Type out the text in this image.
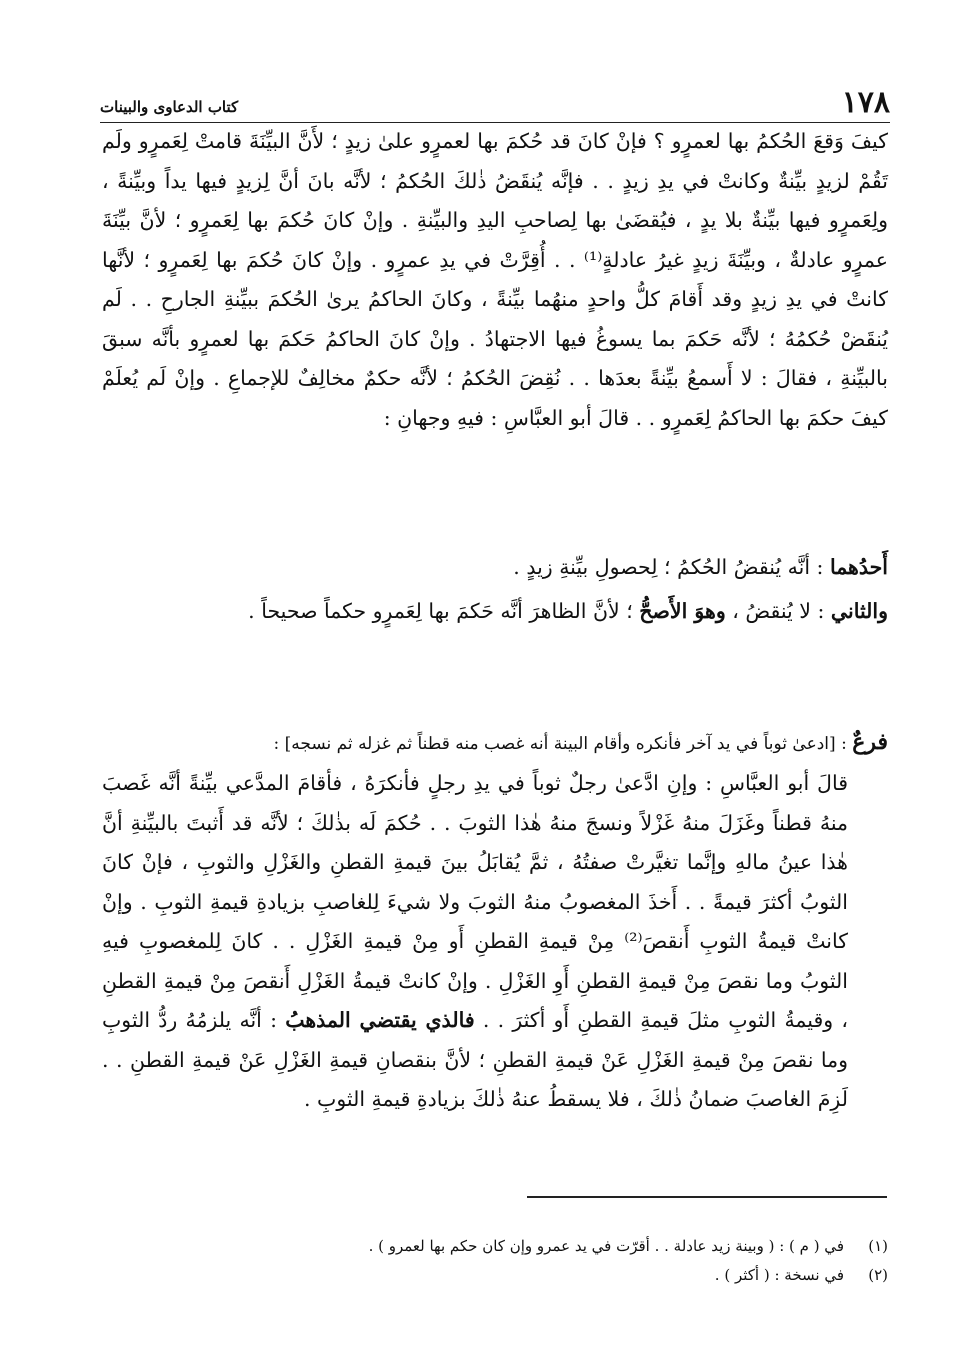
١٧٨
كتاب الدعاوى والبينات

كيفَ وَقعَ الحُكمُ بها لعمرٍو ؟ فإنْ كانَ قد حُكمَ بها لعمرٍو علىٰ زيدٍ ؛ لأَنَّ البيِّنَةَ قامتْ لِعَمرٍو ولَم تَقُمْ لزيدٍ بيِّنةٌ وكانتْ في يدِ زيدٍ . . فإنَّه يُنقَضُ ذٰلكَ الحُكمُ ؛ لأنَّه بانَ أنَّ لِزيدٍ فيها يداً وبيِّنةً ، ولِعَمرٍو فيها بيِّنةٌ بلا يدٍ ، فيُقضَىٰ بها لِصاحبِ اليدِ والبيِّنةِ . وإنْ كانَ حُكمَ بها لِعَمرٍو ؛ لأنَّ بيِّنَةَ عمرٍو عادلةٌ ، وبيِّنَةَ زيدٍ غيرُ عادلةٍ⁽¹⁾ . . أُقِرَّتْ في يدِ عمرٍو . وإنْ كانَ حُكمَ بها لِعَمرٍو ؛ لأنَّها كانتْ في يدِ زيدٍ وقد أَقامَ كلُّ واحدٍ منهُما بيِّنةً ، وكانَ الحاكمُ يرىٰ الحُكمَ ببيِّنةِ الجارحِ . . لَم يُنقَضْ حُكمُهُ ؛ لأنَّه حَكمَ بما يسوغُ فيها الاجتهادُ . وإنْ كانَ الحاكمُ حَكمَ بها لعمرٍو بأنَّه سبقَ بالبيِّنةِ ، فقالَ : لا أَسمعُ بيِّنةً بعدَها . . نُقِضَ الحُكمُ ؛ لأنَّه حكمٌ مخالِفٌ للإجماعِ . وإنْ لَم يُعلَمْ كيفَ حكمَ بها الحاكمُ لِعَمرٍو . . قالَ أبو العبَّاسِ : فيهِ وجهانِ :

أَحدُهما : أنَّه يُنقضُ الحُكمُ ؛ لِحصولِ بيِّنةِ زيدٍ .
والثاني : لا يُنقضُ ، وهوَ الأَصحُّ ؛ لأنَّ الظاهرَ أنَّه حَكمَ بها لِعَمرٍو حكماً صحيحاً .
فرعٌ : [ادعىٰ ثوباً في يد آخر فأنكره وأقام البينة أنه غصب منه قطناً ثم غزله ثم نسجه] :

قالَ أبو العبَّاسِ : وإنِ ادَّعىٰ رجلٌ ثوباً في يدِ رجلٍ فأنكرَهُ ، فأقامَ المدَّعي بيِّنةً أنَّه غَصبَ منهُ قطناً وغَزَلَ منهُ غَزْلاً ونسجَ منهُ هٰذا الثوبَ . . حُكمَ لَه بذٰلكَ ؛ لأنَّه قد أَثبتَ بالبيِّنةِ أنَّ هٰذا عينُ مالهِ وإنَّما تغيَّرتْ صفتُهُ ، ثمَّ يُقابَلُ بينَ قيمةِ القطنِ والغَزْلِ والثوبِ ، فإنْ كانَ الثوبُ أكثرَ قيمةً . . أَخذَ المغصوبُ منهُ الثوبَ ولا شيءَ لِلغاصبِ بزيادةِ قيمةِ الثوبِ . وإنْ كانتْ قيمةُ الثوبِ أَنقصَ⁽²⁾ مِنْ قيمةِ القطنِ أَو مِنْ قيمةِ الغَزْلِ . . كانَ لِلمغصوبِ فيهِ الثوبُ وما نقصَ مِنْ قيمةِ القطنِ أَوِ الغَزْلِ . وإنْ كانتْ قيمةُ الغَزْلِ أَنقصَ مِنْ قيمةِ القطنِ ، وقيمةُ الثوبِ مثلَ قيمةِ القطنِ أَو أكثرَ . . فالذي يقتضي المذهبُ : أنَّه يلزمُهُ ردُّ الثوبِ وما نقصَ مِنْ قيمةِ الغَزْلِ عَنْ قيمةِ القطنِ ؛ لأنَّ بنقصانِ قيمةِ الغَزْلِ عَنْ قيمةِ القطنِ . . لَزِمَ الغاصبَ ضمانُ ذٰلكَ ، فلا يسقطُ عنهُ ذٰلكَ بزيادةِ قيمةِ الثوبِ .

(١)
في ( م ) : ( وبينة زيد عادلة . . أقرّت في يد عمرو وإن كان حكم بها لعمرو ) .
(٢)
في نسخة : ( أكثر ) .
